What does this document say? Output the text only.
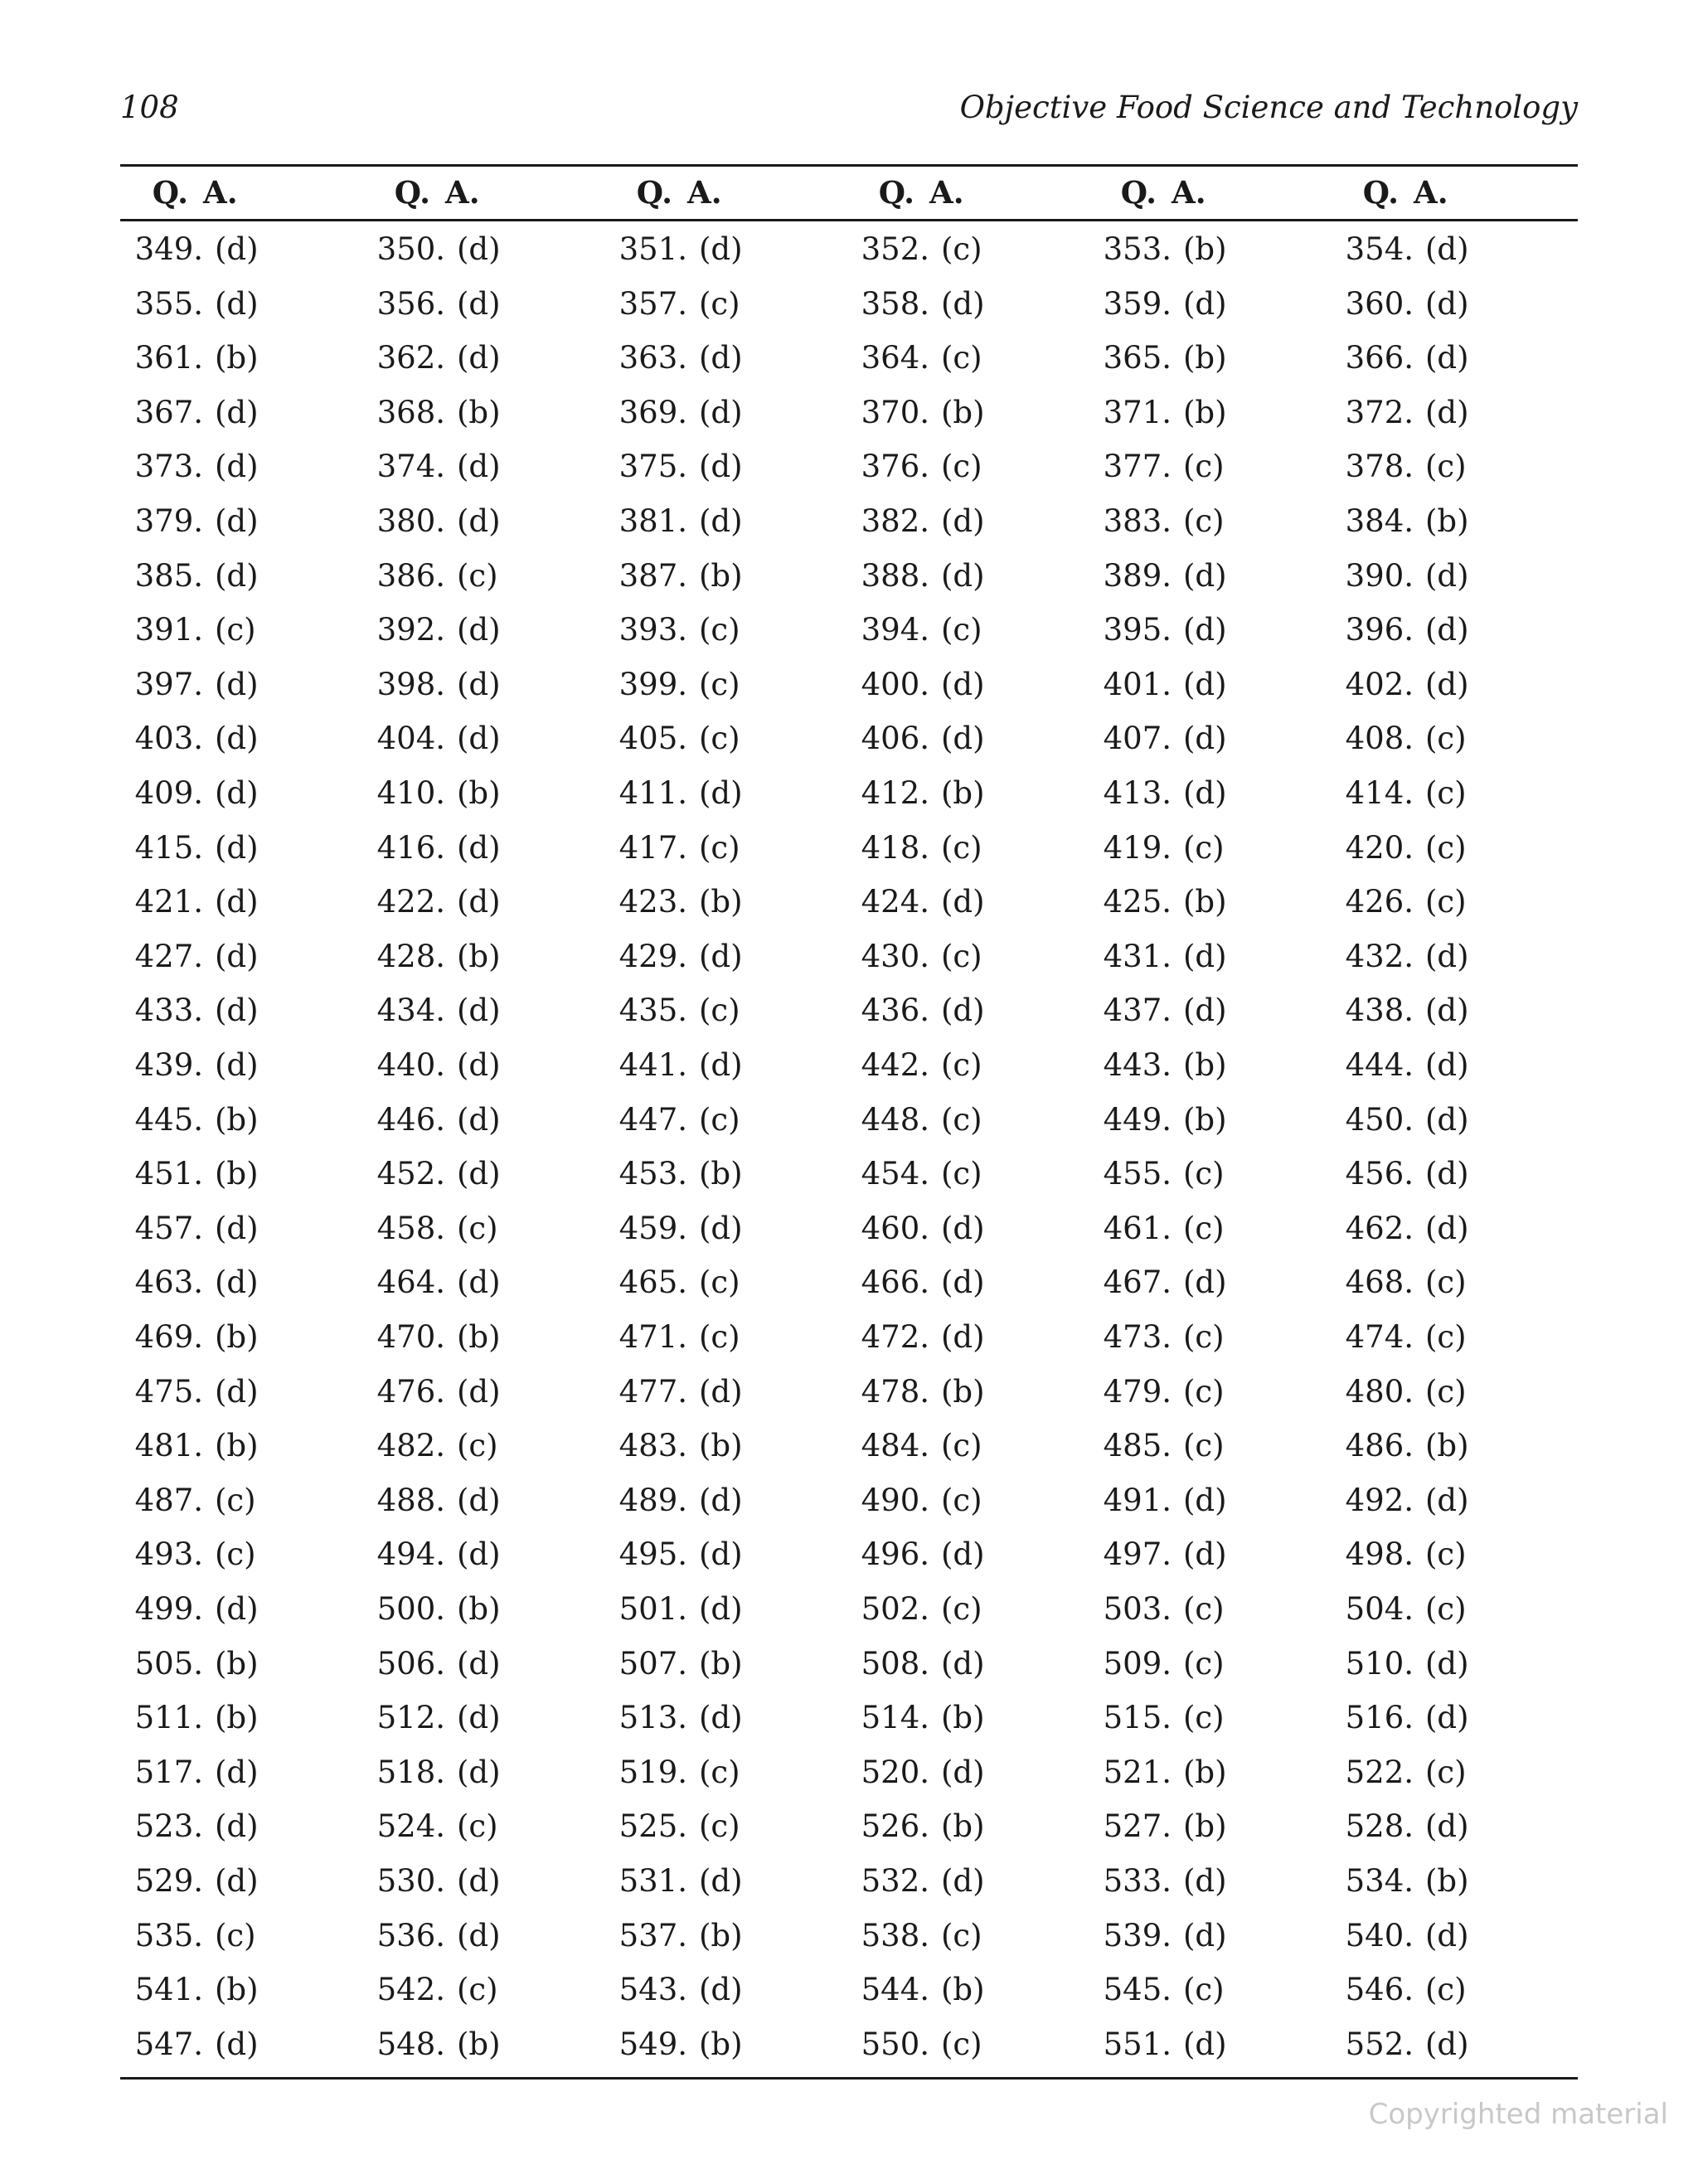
108	Objective Food Science and Technology
Q. A.	Q. A.	Q. A.	Q. A.	Q. A.	Q. A.
349. (d)	350. (d)	351. (d)	352. (c)	353. (b)	354. (d)
355. (d)	356. (d)	357. (c)	358. (d)	359. (d)	360. (d)
361. (b)	362. (d)	363. (d)	364. (c)	365. (b)	366. (d)
367. (d)	368. (b)	369. (d)	370. (b)	371. (b)	372. (d)
373. (d)	374. (d)	375. (d)	376. (c)	377. (c)	378. (c)
379. (d)	380. (d)	381. (d)	382. (d)	383. (c)	384. (b)
385. (d)	386. (c)	387. (b)	388. (d)	389. (d)	390. (d)
391. (c)	392. (d)	393. (c)	394. (c)	395. (d)	396. (d)
397. (d)	398. (d)	399. (c)	400. (d)	401. (d)	402. (d)
403. (d)	404. (d)	405. (c)	406. (d)	407. (d)	408. (c)
409. (d)	410. (b)	411. (d)	412. (b)	413. (d)	414. (c)
415. (d)	416. (d)	417. (c)	418. (c)	419. (c)	420. (c)
421. (d)	422. (d)	423. (b)	424. (d)	425. (b)	426. (c)
427. (d)	428. (b)	429. (d)	430. (c)	431. (d)	432. (d)
433. (d)	434. (d)	435. (c)	436. (d)	437. (d)	438. (d)
439. (d)	440. (d)	441. (d)	442. (c)	443. (b)	444. (d)
445. (b)	446. (d)	447. (c)	448. (c)	449. (b)	450. (d)
451. (b)	452. (d)	453. (b)	454. (c)	455. (c)	456. (d)
457. (d)	458. (c)	459. (d)	460. (d)	461. (c)	462. (d)
463. (d)	464. (d)	465. (c)	466. (d)	467. (d)	468. (c)
469. (b)	470. (b)	471. (c)	472. (d)	473. (c)	474. (c)
475. (d)	476. (d)	477. (d)	478. (b)	479. (c)	480. (c)
481. (b)	482. (c)	483. (b)	484. (c)	485. (c)	486. (b)
487. (c)	488. (d)	489. (d)	490. (c)	491. (d)	492. (d)
493. (c)	494. (d)	495. (d)	496. (d)	497. (d)	498. (c)
499. (d)	500. (b)	501. (d)	502. (c)	503. (c)	504. (c)
505. (b)	506. (d)	507. (b)	508. (d)	509. (c)	510. (d)
511. (b)	512. (d)	513. (d)	514. (b)	515. (c)	516. (d)
517. (d)	518. (d)	519. (c)	520. (d)	521. (b)	522. (c)
523. (d)	524. (c)	525. (c)	526. (b)	527. (b)	528. (d)
529. (d)	530. (d)	531. (d)	532. (d)	533. (d)	534. (b)
535. (c)	536. (d)	537. (b)	538. (c)	539. (d)	540. (d)
541. (b)	542. (c)	543. (d)	544. (b)	545. (c)	546. (c)
547. (d)	548. (b)	549. (b)	550. (c)	551. (d)	552. (d)
Copyrighted material
